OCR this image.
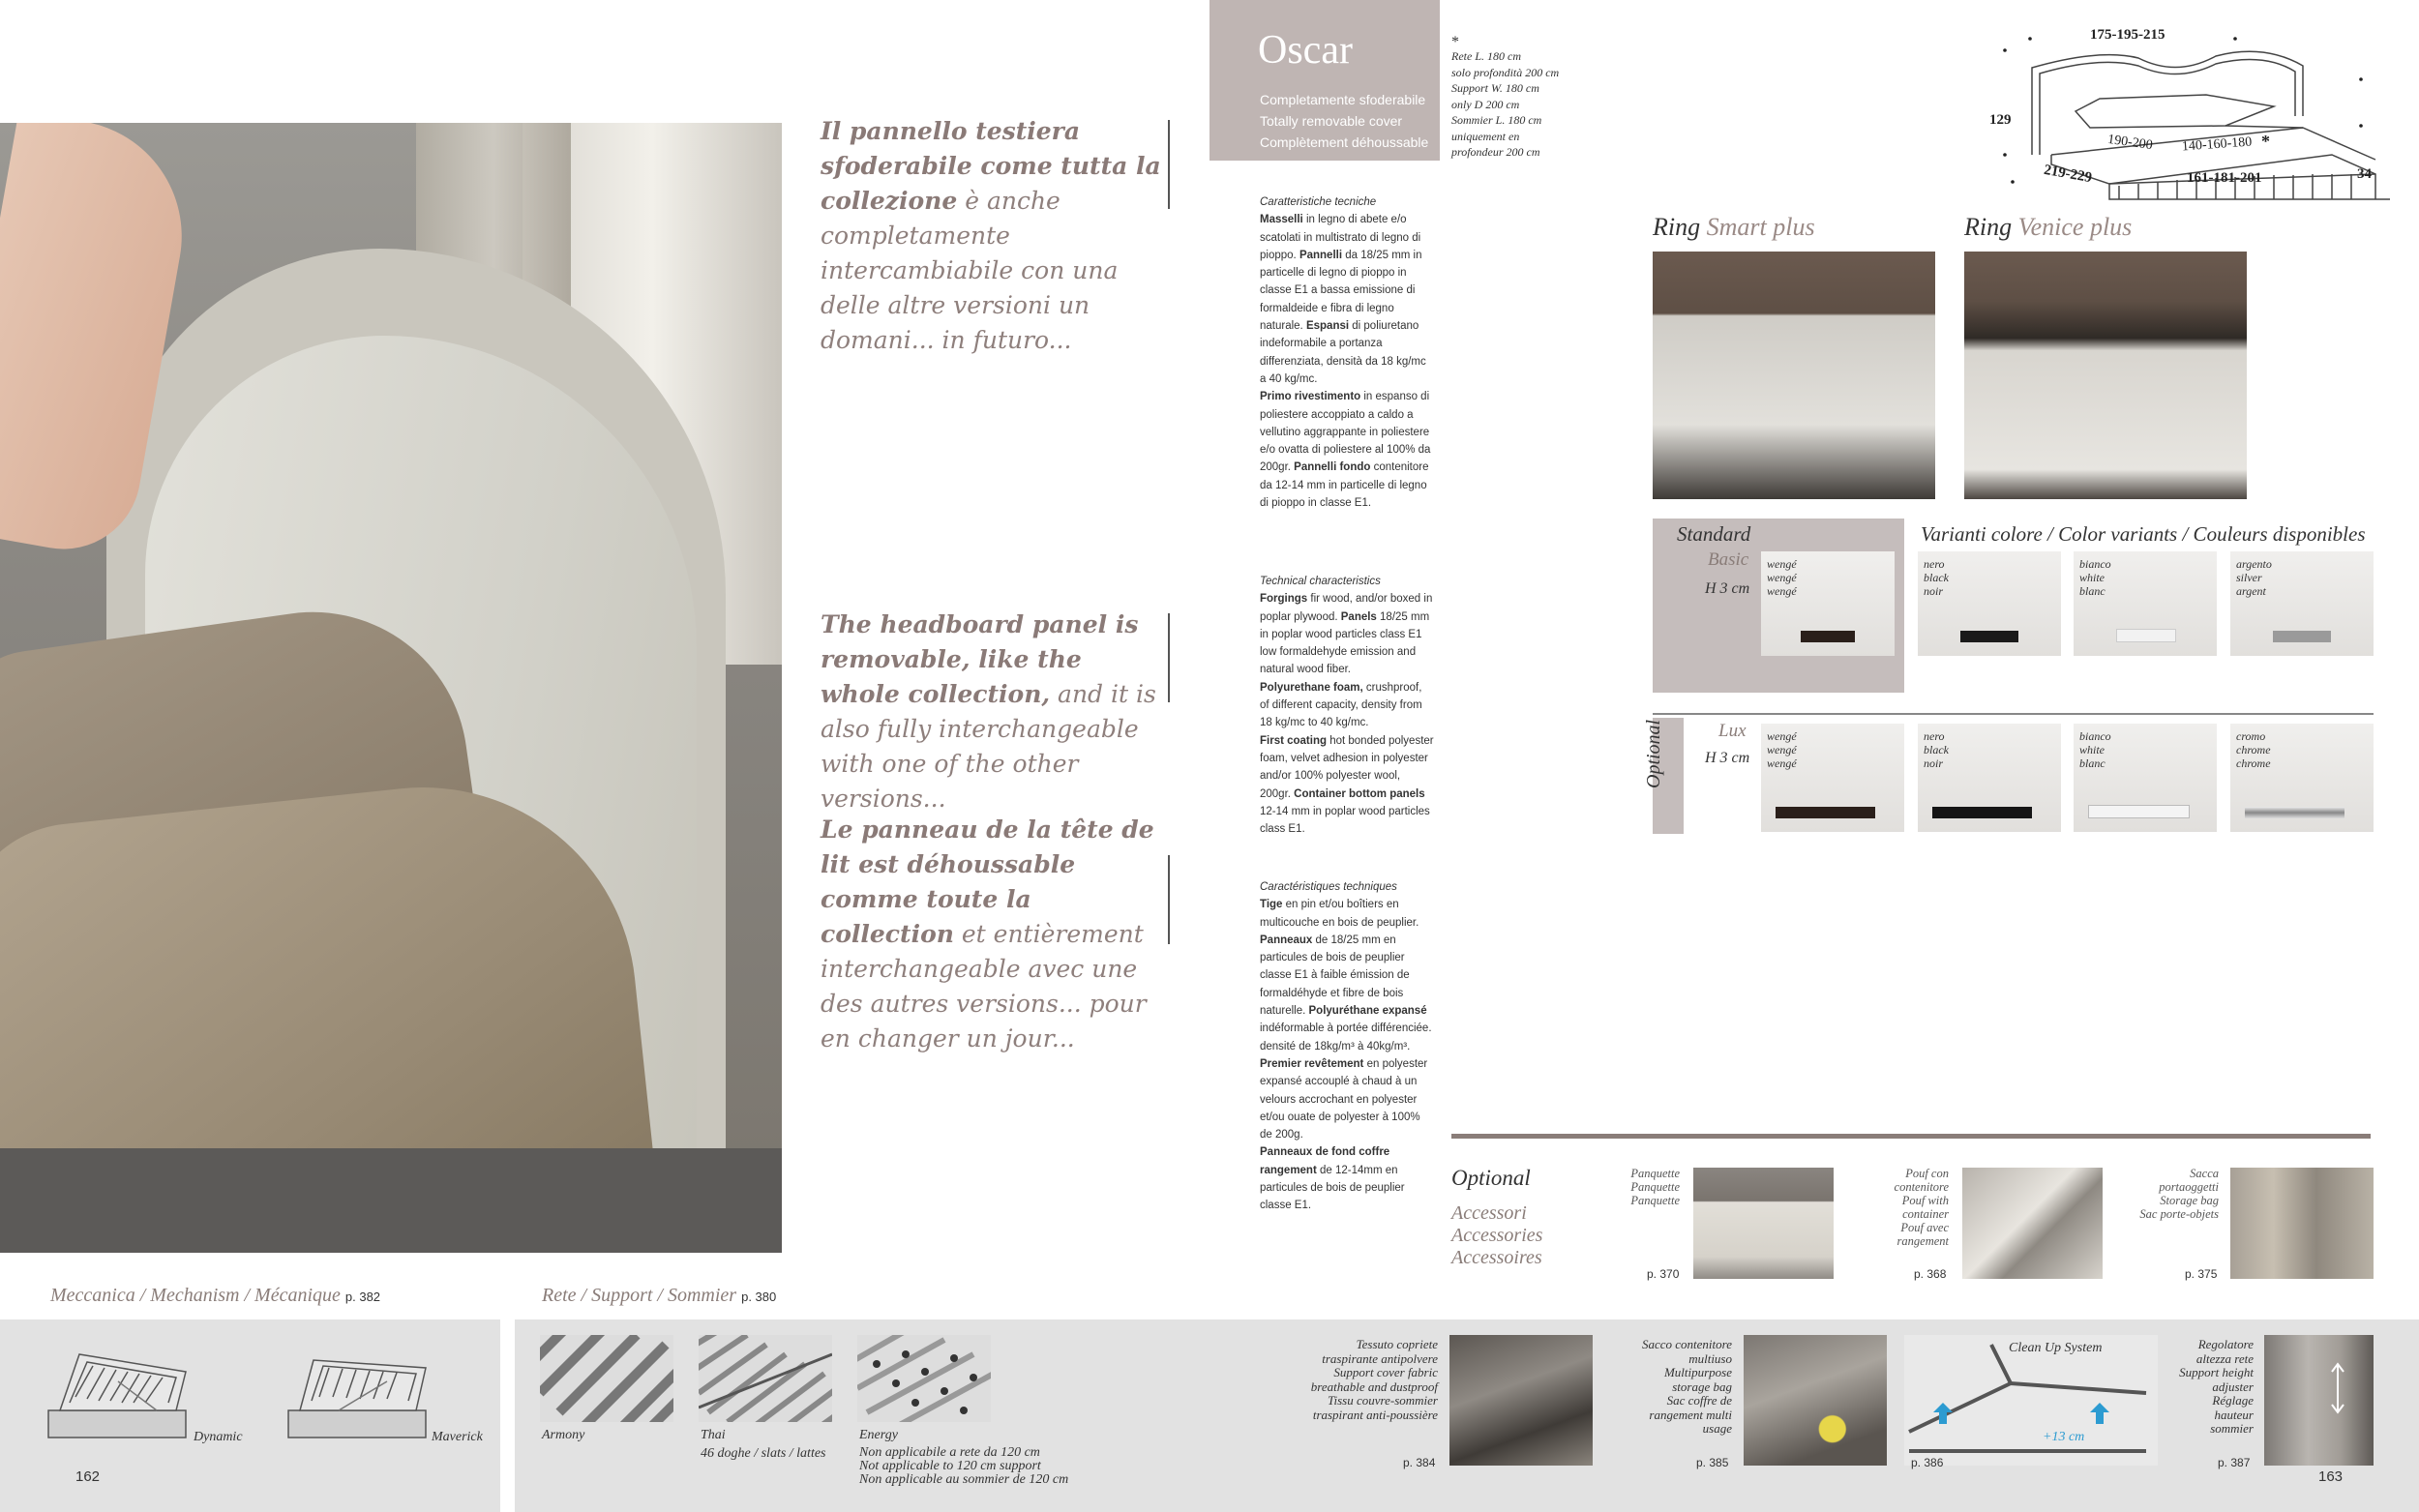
Il pannello testiera sfoderabile come tutta la collezione è anche completamente intercambiabile con una delle altre versioni un domani... in futuro...
The headboard panel is removable, like the whole collection, and it is also fully interchangeable with one of the other versions...
Le panneau de la tête de lit est déhoussable comme toute la collection et entièrement interchangeable avec une des autres versions... pour en changer un jour...
Oscar
Completamente sfoderabile
Totally removable cover
Complètement déhoussable
*
Rete L. 180 cm
solo profondità 200 cm
Support W. 180 cm
only D 200 cm
Sommier L. 180 cm
uniquement en
profondeur 200 cm
Caratteristiche tecniche
Masselli in legno di abete e/o scatolati in multistrato di legno di pioppo. Pannelli da 18/25 mm in particelle di legno di pioppo in classe E1 a bassa emissione di formaldeide e fibra di legno naturale. Espansi di poliuretano indeformabile a portanza differenziata, densità da 18 kg/mc a 40 kg/mc.
Primo rivestimento in espanso di poliestere accoppiato a caldo a vellutino aggrappante in poliestere e/o ovatta di poliestere al 100% da 200gr. Pannelli fondo contenitore da 12-14 mm in particelle di legno di pioppo in classe E1.
Technical characteristics
Forgings fir wood, and/or boxed in poplar plywood. Panels 18/25 mm in poplar wood particles class E1 low formaldehyde emission and natural wood fiber.
Polyurethane foam, crushproof, of different capacity, density from 18 kg/mc to 40 kg/mc.
First coating hot bonded polyester foam, velvet adhesion in polyester and/or 100% polyester wool, 200gr. Container bottom panels 12-14 mm in poplar wood particles class E1.
Caractéristiques techniques
Tige en pin et/ou boîtiers en multicouche en bois de peuplier.
Panneaux de 18/25 mm en particules de bois de peuplier classe E1 à faible émission de formaldéhyde et fibre de bois naturelle. Polyuréthane expansé indéformable à portée différenciée. densité de 18kg/m³ à 40kg/m³.
Premier revêtement en polyester expansé accouplé à chaud à un velours accrochant en polyester et/ou ouate de polyester à 100% de 200g.
Panneaux de fond coffre rangement de 12-14mm en particules de bois de peuplier classe E1.
175-195-215
129
190-200 140-160-180 *
219-229	161-181-201	34
Ring Smart plus	Ring Venice plus
Standard
Basic
H 3 cm
Varianti colore / Color variants / Couleurs disponibles
wengé
wengé
wengé
nero
black
noir
bianco
white
blanc
argento
silver
argent
Optional	Lux
H 3 cm
wengé
wengé
wengé
nero
black
noir
bianco
white
blanc
cromo
chrome
chrome
Optional
Accessori
Accessories
Accessoires
Panquette
Panquette
Panquette
p. 370
Pouf con
contenitore
Pouf with
container
Pouf avec
rangement
p. 368
Sacca
portaoggetti
Storage bag
Sac porte-objets
p. 375
Meccanica / Mechanism / Mécanique p. 382
Dynamic	Maverick
162
Rete / Support / Sommier p. 380
Armony	Thai
46 doghe / slats / lattes
Energy
Non applicabile a rete da 120 cm
Not applicable to 120 cm support
Non applicable au sommier de 120 cm
Tessuto copriete
traspirante antipolvere
Support cover fabric
breathable and dustproof
Tissu couvre-sommier
traspirant anti-poussière
p. 384
Sacco contenitore
multiuso
Multipurpose
storage bag
Sac coffre de
rangement multi
usage
p. 385
Clean Up System
+13 cm
p. 386
Regolatore
altezza rete
Support height
adjuster
Réglage
hauteur
sommier
p. 387
163
